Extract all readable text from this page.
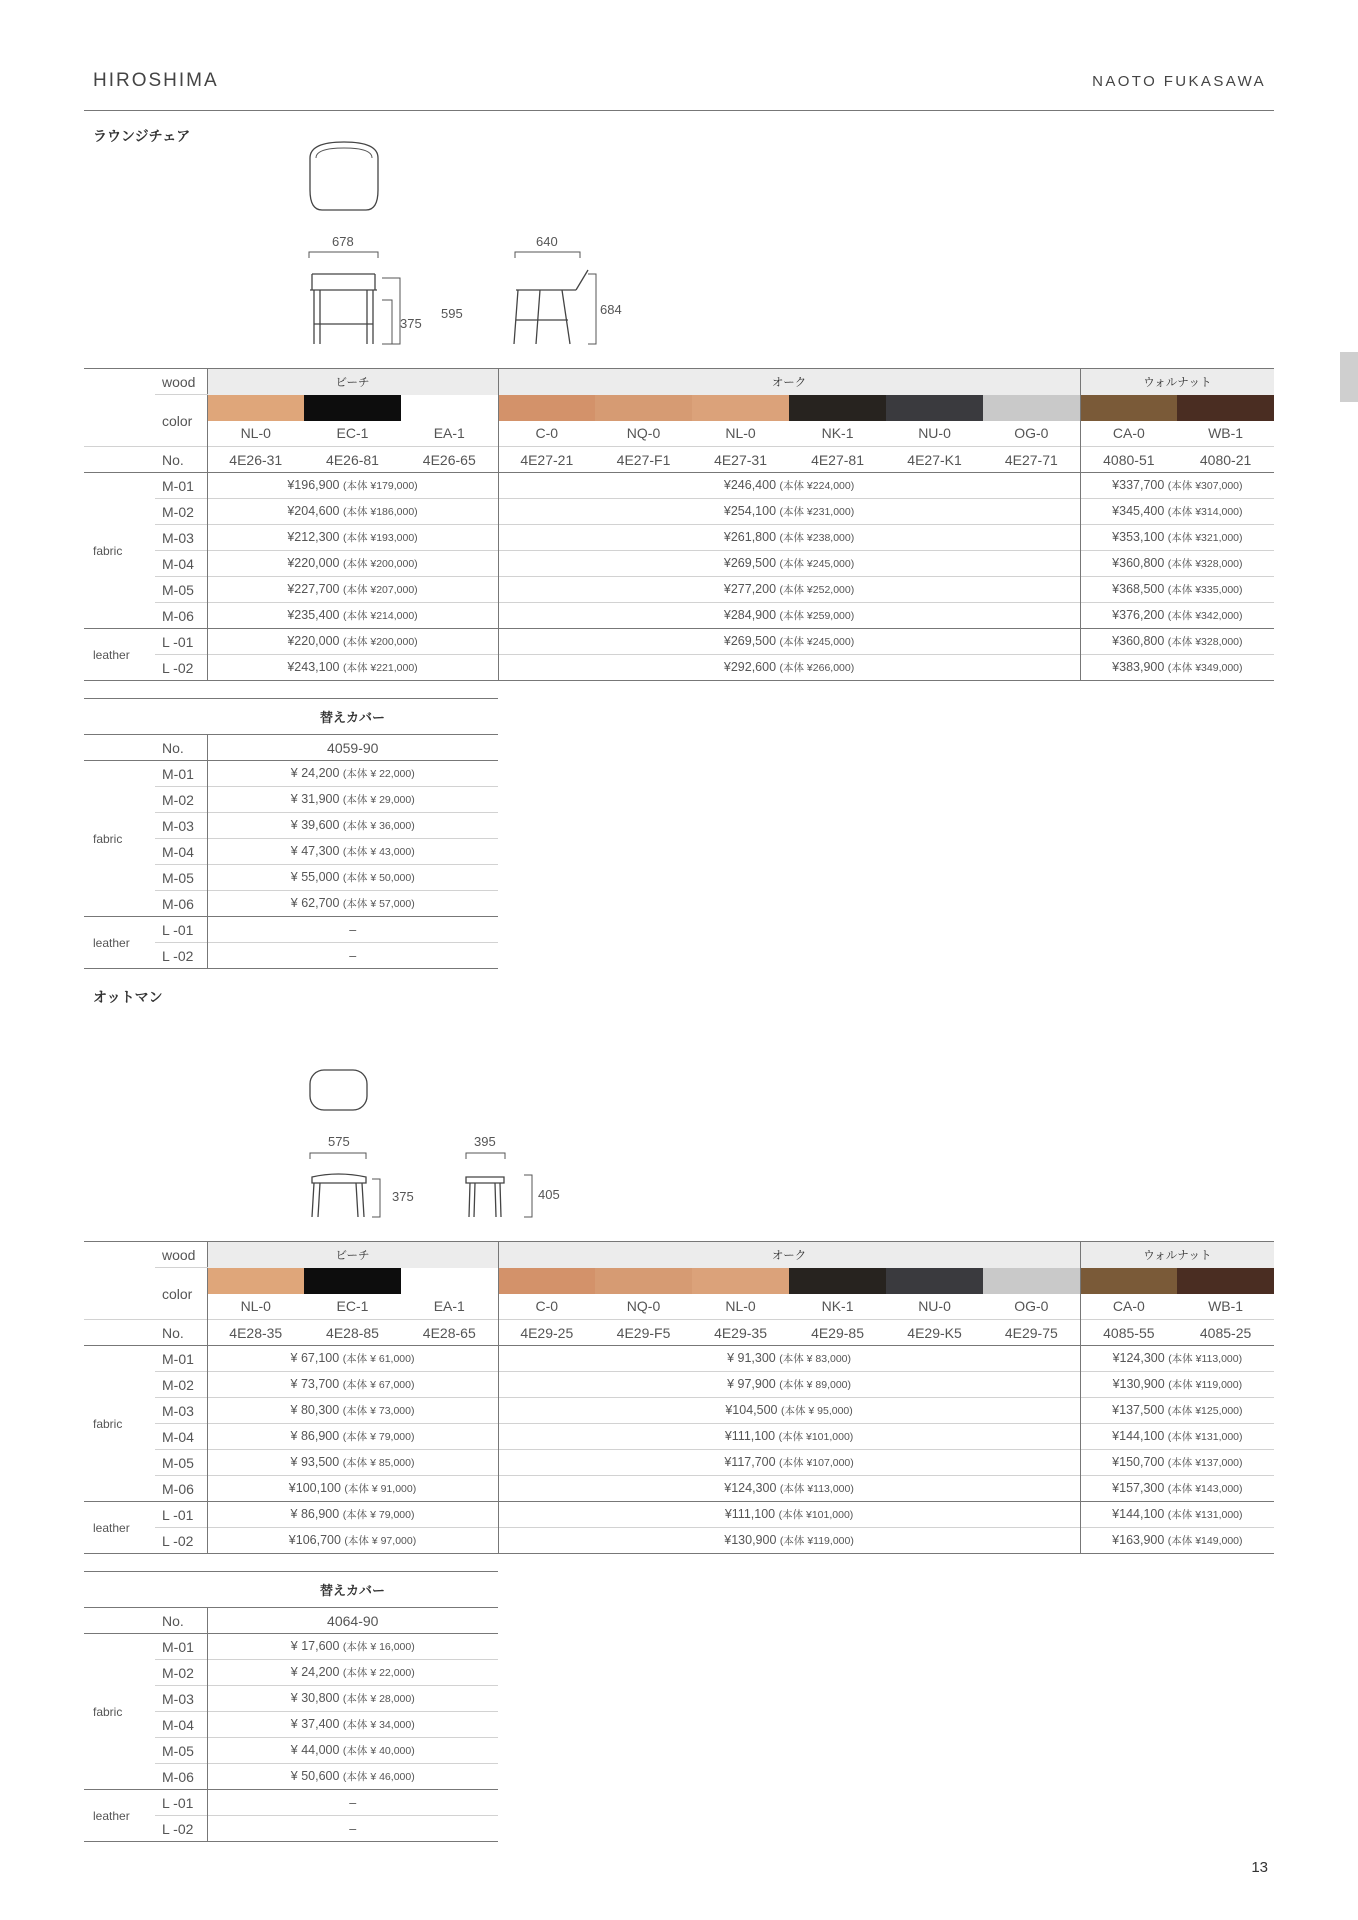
HIROSHIMA	NAOTO FUKASAWA
ラウンジチェア
678	640
375
595	684
	wood	ビーチ			オーク						ウォルナット	
	color											
		NL-0	EC-1	EA-1	C-0	NQ-0	NL-0	NK-1	NU-0	OG-0	CA-0	WB-1
	No.	4E26-31	4E26-81	4E26-65	4E27-21	4E27-F1	4E27-31	4E27-81	4E27-K1	4E27-71	4080-51	4080-21
fabric	M-01	¥196,900 (本体 ¥179,000)			¥246,400 (本体 ¥224,000)						¥337,700 (本体 ¥307,000)	
	M-02	¥204,600 (本体 ¥186,000)			¥254,100 (本体 ¥231,000)						¥345,400 (本体 ¥314,000)	
	M-03	¥212,300 (本体 ¥193,000)			¥261,800 (本体 ¥238,000)						¥353,100 (本体 ¥321,000)	
	M-04	¥220,000 (本体 ¥200,000)			¥269,500 (本体 ¥245,000)						¥360,800 (本体 ¥328,000)	
	M-05	¥227,700 (本体 ¥207,000)			¥277,200 (本体 ¥252,000)						¥368,500 (本体 ¥335,000)	
	M-06	¥235,400 (本体 ¥214,000)			¥284,900 (本体 ¥259,000)						¥376,200 (本体 ¥342,000)	
leather	L -01	¥220,000 (本体 ¥200,000)			¥269,500 (本体 ¥245,000)						¥360,800 (本体 ¥328,000)	
	L -02	¥243,100 (本体 ¥221,000)			¥292,600 (本体 ¥266,000)						¥383,900 (本体 ¥349,000)	
		替えカバー
	No.	4059-90
fabric	M-01	¥ 24,200 (本体 ¥ 22,000)
	M-02	¥ 31,900 (本体 ¥ 29,000)
	M-03	¥ 39,600 (本体 ¥ 36,000)
	M-04	¥ 47,300 (本体 ¥ 43,000)
	M-05	¥ 55,000 (本体 ¥ 50,000)
	M-06	¥ 62,700 (本体 ¥ 57,000)
leather	L -01	–
	L -02	–
オットマン
575	395
375	405
	wood	ビーチ			オーク						ウォルナット	
	color											
		NL-0	EC-1	EA-1	C-0	NQ-0	NL-0	NK-1	NU-0	OG-0	CA-0	WB-1
	No.	4E28-35	4E28-85	4E28-65	4E29-25	4E29-F5	4E29-35	4E29-85	4E29-K5	4E29-75	4085-55	4085-25
fabric	M-01	¥ 67,100 (本体 ¥ 61,000)			¥ 91,300 (本体 ¥ 83,000)						¥124,300 (本体 ¥113,000)	
	M-02	¥ 73,700 (本体 ¥ 67,000)			¥ 97,900 (本体 ¥ 89,000)						¥130,900 (本体 ¥119,000)	
	M-03	¥ 80,300 (本体 ¥ 73,000)			¥104,500 (本体 ¥ 95,000)						¥137,500 (本体 ¥125,000)	
	M-04	¥ 86,900 (本体 ¥ 79,000)			¥111,100 (本体 ¥101,000)						¥144,100 (本体 ¥131,000)	
	M-05	¥ 93,500 (本体 ¥ 85,000)			¥117,700 (本体 ¥107,000)						¥150,700 (本体 ¥137,000)	
	M-06	¥100,100 (本体 ¥ 91,000)			¥124,300 (本体 ¥113,000)						¥157,300 (本体 ¥143,000)	
leather	L -01	¥ 86,900 (本体 ¥ 79,000)			¥111,100 (本体 ¥101,000)						¥144,100 (本体 ¥131,000)	
	L -02	¥106,700 (本体 ¥ 97,000)			¥130,900 (本体 ¥119,000)						¥163,900 (本体 ¥149,000)	
		替えカバー
	No.	4064-90
fabric	M-01	¥ 17,600 (本体 ¥ 16,000)
	M-02	¥ 24,200 (本体 ¥ 22,000)
	M-03	¥ 30,800 (本体 ¥ 28,000)
	M-04	¥ 37,400 (本体 ¥ 34,000)
	M-05	¥ 44,000 (本体 ¥ 40,000)
	M-06	¥ 50,600 (本体 ¥ 46,000)
leather	L -01	–
	L -02	–
13
